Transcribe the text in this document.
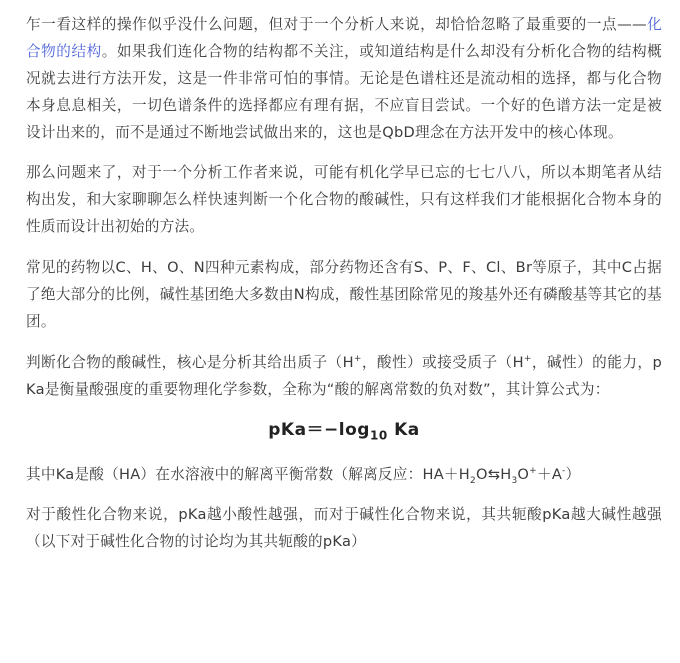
乍一看这样的操作似乎没什么问题，但对于一个分析人来说，却恰恰忽略了最重要的一点——化合物的结构。如果我们连化合物的结构都不关注，或知道结构是什么却没有分析化合物的结构概况就去进行方法开发，这是一件非常可怕的事情。无论是色谱柱还是流动相的选择，都与化合物本身息息相关，一切色谱条件的选择都应有理有据，不应盲目尝试。一个好的色谱方法一定是被设计出来的，而不是通过不断地尝试做出来的，这也是QbD理念在方法开发中的核心体现。

那么问题来了，对于一个分析工作者来说，可能有机化学早已忘的七七八八，所以本期笔者从结构出发，和大家聊聊怎么样快速判断一个化合物的酸碱性，只有这样我们才能根据化合物本身的性质而设计出初始的方法。

常见的药物以C、H、O、N四种元素构成，部分药物还含有S、P、F、Cl、Br等原子，其中C占据了绝大部分的比例，碱性基团绝大多数由N构成，酸性基团除常见的羧基外还有磷酸基等其它的基团。

判断化合物的酸碱性，核心是分析其给出质子（H+，酸性）或接受质子（H+，碱性）的能力，pKa是衡量酸强度的重要物理化学参数，全称为“酸的解离常数的负对数”，其计算公式为：

$pKa=-\log_{10}$ Ka

其中Ka是酸（HA）在水溶液中的解离平衡常数（解离反应：$HA+H_2O⇆H_3O^++A^-$）

对于酸性化合物来说，pKa越小酸性越强，而对于碱性化合物来说，其共轭酸pKa越大碱性越强（以下对于碱性化合物的讨论均为其共轭酸的pKa）
